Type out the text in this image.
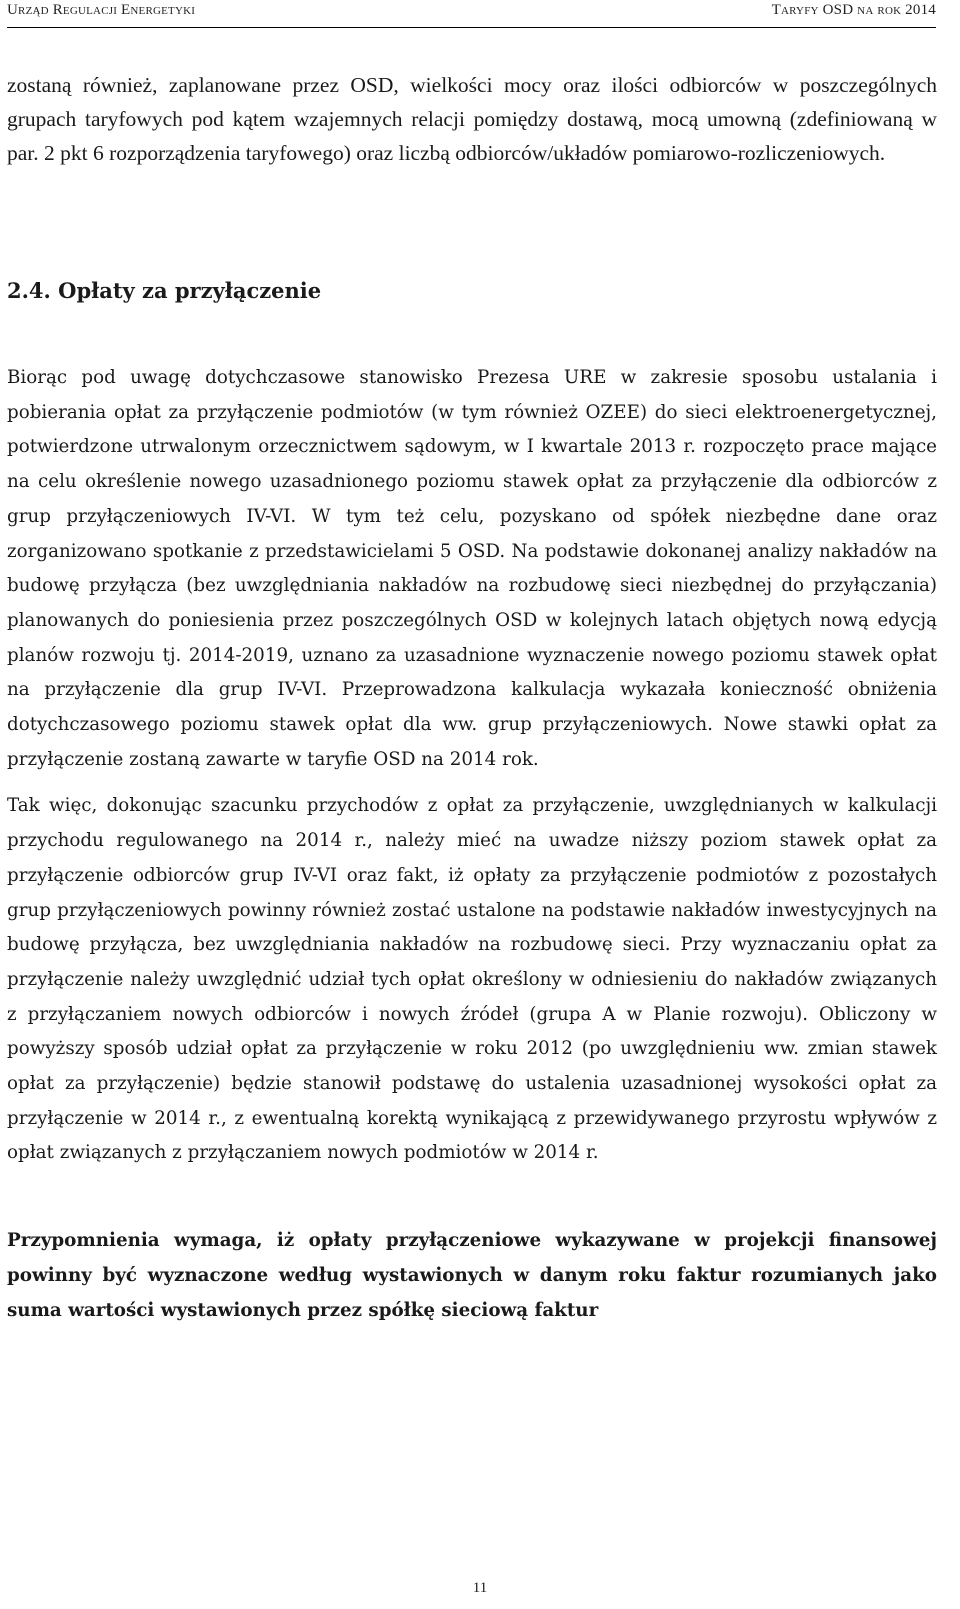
Urząd Regulacji Energetyki	Taryfy OSD na rok 2014

zostaną również, zaplanowane przez OSD, wielkości mocy oraz ilości odbiorców w poszczególnych grupach taryfowych pod kątem wzajemnych relacji pomiędzy dostawą, mocą umowną (zdefiniowaną w par. 2 pkt 6 rozporządzenia taryfowego) oraz liczbą odbiorców/układów pomiarowo-rozliczeniowych.

2.4. Opłaty za przyłączenie

Biorąc pod uwagę dotychczasowe stanowisko Prezesa URE w zakresie sposobu ustalania i pobierania opłat za przyłączenie podmiotów (w tym również OZEE) do sieci elektroenergetycznej, potwierdzone utrwalonym orzecznictwem sądowym, w I kwartale 2013 r. rozpoczęto prace mające na celu określenie nowego uzasadnionego poziomu stawek opłat za przyłączenie dla odbiorców z grup przyłączeniowych IV-VI. W tym też celu, pozyskano od spółek niezbędne dane oraz zorganizowano spotkanie z przedstawicielami 5 OSD. Na podstawie dokonanej analizy nakładów na budowę przyłącza (bez uwzględniania nakładów na rozbudowę sieci niezbędnej do przyłączania) planowanych do poniesienia przez poszczególnych OSD w kolejnych latach objętych nową edycją planów rozwoju tj. 2014-2019, uznano za uzasadnione wyznaczenie nowego poziomu stawek opłat na przyłączenie dla grup IV-VI. Przeprowadzona kalkulacja wykazała konieczność obniżenia dotychczasowego poziomu stawek opłat dla ww. grup przyłączeniowych. Nowe stawki opłat za przyłączenie zostaną zawarte w taryfie OSD na 2014 rok.

Tak więc, dokonując szacunku przychodów z opłat za przyłączenie, uwzględnianych w kalkulacji przychodu regulowanego na 2014 r., należy mieć na uwadze niższy poziom stawek opłat za przyłączenie odbiorców grup IV-VI oraz fakt, iż opłaty za przyłączenie podmiotów z pozostałych grup przyłączeniowych powinny również zostać ustalone na podstawie nakładów inwestycyjnych na budowę przyłącza, bez uwzględniania nakładów na rozbudowę sieci. Przy wyznaczaniu opłat za przyłączenie należy uwzględnić udział tych opłat określony w odniesieniu do nakładów związanych z przyłączaniem nowych odbiorców i nowych źródeł (grupa A w Planie rozwoju). Obliczony w powyższy sposób udział opłat za przyłączenie w roku 2012 (po uwzględnieniu ww. zmian stawek opłat za przyłączenie) będzie stanowił podstawę do ustalenia uzasadnionej wysokości opłat za przyłączenie w 2014 r., z ewentualną korektą wynikającą z przewidywanego przyrostu wpływów z opłat związanych z przyłączaniem nowych podmiotów w 2014 r.

Przypomnienia wymaga, iż opłaty przyłączeniowe wykazywane w projekcji finansowej powinny być wyznaczone według wystawionych w danym roku faktur rozumianych jako suma wartości wystawionych przez spółkę sieciową faktur

11
